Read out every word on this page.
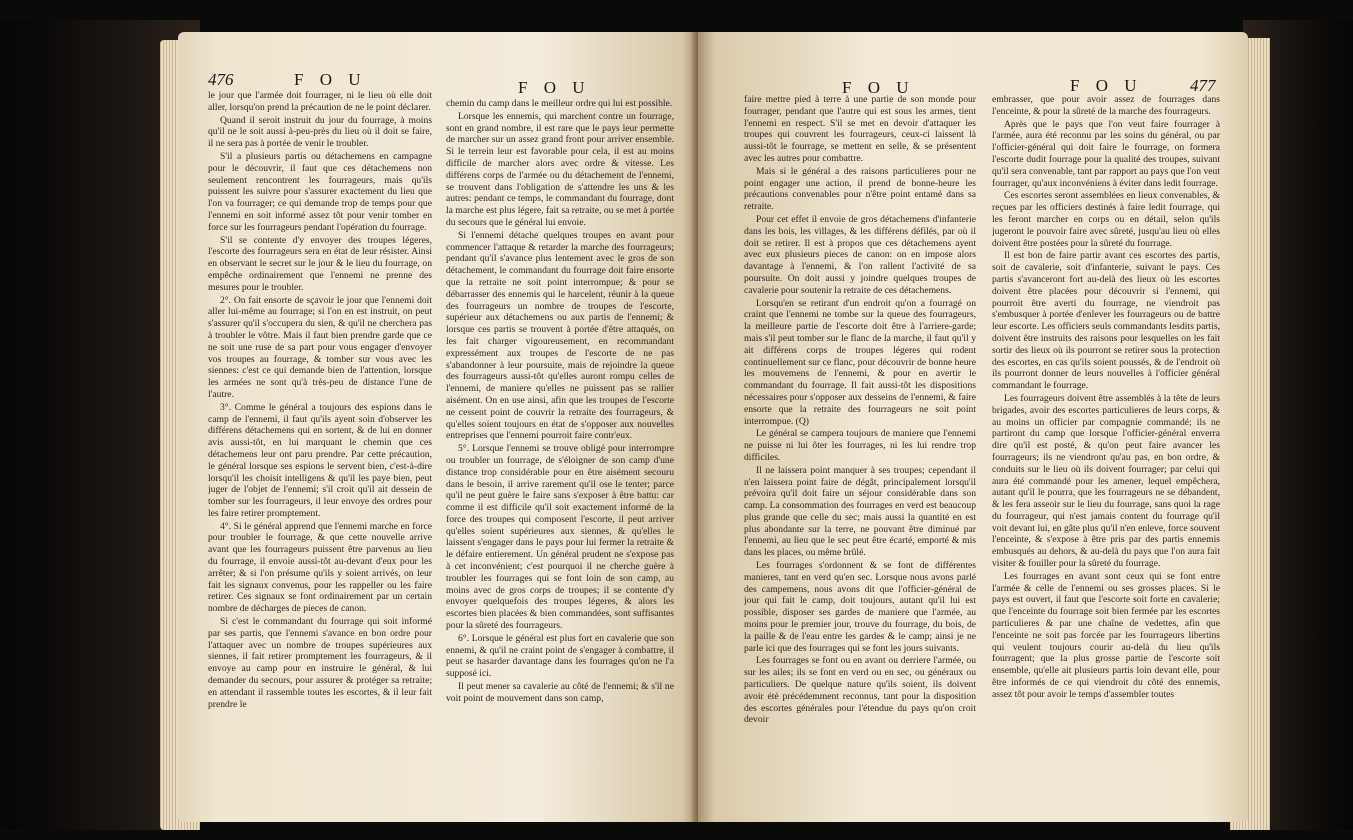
476	F O U	F O U

le jour que l'armée doit fourrager, ni le lieu où elle doit aller, lorsqu'on prend la précaution de ne le point déclarer.

Quand il seroit instruit du jour du fourrage, à moins qu'il ne le soit aussi à-peu-près du lieu où il doit se faire, il ne sera pas à portée de venir le troubler.

S'il a plusieurs partis ou détachemens en campagne pour le découvrir, il faut que ces détachemens non seulement rencontrent les fourrageurs, mais qu'ils puissent les suivre pour s'assurer exactement du lieu que l'on va fourrager; ce qui demande trop de temps pour que l'ennemi en soit informé assez tôt pour venir tomber en force sur les fourrageurs pendant l'opération du fourrage.

S'il se contente d'y envoyer des troupes légeres, l'escorte des fourrageurs sera en état de leur résister. Ainsi en observant le secret sur le jour & le lieu du fourrage, on empêche ordinairement que l'ennemi ne prenne des mesures pour le troubler.

2°. On fait ensorte de sçavoir le jour que l'ennemi doit aller lui-même au fourrage; si l'on en est instruit, on peut s'assurer qu'il s'occupera du sien, & qu'il ne cherchera pas à troubler le vôtre. Mais il faut bien prendre garde que ce ne soit une ruse de sa part pour vous engager d'envoyer vos troupes au fourrage, & tomber sur vous avec les siennes: c'est ce qui demande bien de l'attention, lorsque les armées ne sont qu'à très-peu de distance l'une de l'autre.

3°. Comme le général a toujours des espions dans le camp de l'ennemi, il faut qu'ils ayent soin d'observer les différens détachemens qui en sortent, & de lui en donner avis aussi-tôt, en lui marquant le chemin que ces détachemens leur ont paru prendre. Par cette précaution, le général lorsque ses espions le servent bien, c'est-à-dire lorsqu'il les choisit intelligens & qu'il les paye bien, peut juger de l'objet de l'ennemi; s'il croit qu'il ait dessein de tomber sur les fourrageurs, il leur envoye des ordres pour les faire retirer promptement.

4°. Si le général apprend que l'ennemi marche en force pour troubler le fourrage, & que cette nouvelle arrive avant que les fourrageurs puissent être parvenus au lieu du fourrage, il envoie aussi-tôt au-devant d'eux pour les arrêter; & si l'on présume qu'ils y soient arrivés, on leur fait les signaux convenus, pour les rappeller ou les faire retirer. Ces signaux se font ordinairement par un certain nombre de décharges de pieces de canon.

Si c'est le commandant du fourrage qui soit informé par ses partis, que l'ennemi s'avance en bon ordre pour l'attaquer avec un nombre de troupes supérieures aux siennes, il fait retirer promptement les fourrageurs, & il envoye au camp pour en instruire le général, & lui demander du secours, pour assurer & protéger sa retraite; en attendant il rassemble toutes les escortes, & il leur fait prendre le

chemin du camp dans le meilleur ordre qui lui est possible.

Lorsque les ennemis, qui marchent contre un fourrage, sont en grand nombre, il est rare que le pays leur permette de marcher sur un assez grand front pour arriver ensemble. Si le terrein leur est favorable pour cela, il est au moins difficile de marcher alors avec ordre & vitesse. Les différens corps de l'armée ou du détachement de l'ennemi, se trouvent dans l'obligation de s'attendre les uns & les autres: pendant ce temps, le commandant du fourrage, dont la marche est plus légere, fait sa retraite, ou se met à portée du secours que le général lui envoie.

Si l'ennemi détache quelques troupes en avant pour commencer l'attaque & retarder la marche des fourrageurs; pendant qu'il s'avance plus lentement avec le gros de son détachement, le commandant du fourrage doit faire ensorte que la retraite ne soit point interrompue; & pour se débarrasser des ennemis qui le harcelent, réunir à la queue des fourrageurs un nombre de troupes de l'escorte, supérieur aux détachemens ou aux partis de l'ennemi; & lorsque ces partis se trouvent à portée d'être attaqués, on les fait charger vigoureusement, en recommandant expressément aux troupes de l'escorte de ne pas s'abandonner à leur poursuite, mais de rejoindre la queue des fourrageurs aussi-tôt qu'elles auront rompu celles de l'ennemi, de maniere qu'elles ne puissent pas se rallier aisément. On en use ainsi, afin que les troupes de l'escorte ne cessent point de couvrir la retraite des fourrageurs, & qu'elles soient toujours en état de s'opposer aux nouvelles entreprises que l'ennemi pourroit faire contr'eux.

5°. Lorsque l'ennemi se trouve obligé pour interrompre ou troubler un fourrage, de s'éloigner de son camp d'une distance trop considérable pour en être aisément secouru dans le besoin, il arrive rarement qu'il ose le tenter; parce qu'il ne peut guère le faire sans s'exposer à être battu: car comme il est difficile qu'il soit exactement informé de la force des troupes qui composent l'escorte, il peut arriver qu'elles soient supérieures aux siennes, & qu'elles le laissent s'engager dans le pays pour lui fermer la retraite & le défaire entierement. Un général prudent ne s'expose pas à cet inconvénient; c'est pourquoi il ne cherche guère à troubler les fourrages qui se font loin de son camp, au moins avec de gros corps de troupes; il se contente d'y envoyer quelquefois des troupes légeres, & alors les escortes bien placées & bien commandées, sont suffisantes pour la sûreté des fourrageurs.

6°. Lorsque le général est plus fort en cavalerie que son ennemi, & qu'il ne craint point de s'engager à combattre, il peut se hasarder davantage dans les fourrages qu'on ne l'a supposé ici.

Il peut mener sa cavalerie au côté de l'ennemi; & s'il ne voit point de mouvement dans son camp,

F O U	F O U	477

faire mettre pied à terre à une partie de son monde pour fourrager, pendant que l'autre qui est sous les armes, tient l'ennemi en respect. S'il se met en devoir d'attaquer les troupes qui couvrent les fourrageurs, ceux-ci laissent là aussi-tôt le fourrage, se mettent en selle, & se présentent avec les autres pour combattre.

Mais si le général a des raisons particulieres pour ne point engager une action, il prend de bonne-heure les précautions convenables pour n'être point entamé dans sa retraite.

Pour cet effet il envoie de gros détachemens d'infanterie dans les bois, les villages, & les différens défilés, par où il doit se retirer. Il est à propos que ces détachemens ayent avec eux plusieurs pieces de canon: on en impose alors davantage à l'ennemi, & l'on rallent l'activité de sa poursuite. On doit aussi y joindre quelques troupes de cavalerie pour soutenir la retraite de ces détachemens.

Lorsqu'en se retirant d'un endroit qu'on a fourragé on craint que l'ennemi ne tombe sur la queue des fourrageurs, la meilleure partie de l'escorte doit être à l'arriere-garde; mais s'il peut tomber sur le flanc de la marche, il faut qu'il y ait différens corps de troupes légeres qui rodent continuellement sur ce flanc, pour découvrir de bonne heure les mouvemens de l'ennemi, & pour en avertir le commandant du fourrage. Il fait aussi-tôt les dispositions nécessaires pour s'opposer aux desseins de l'ennemi, & faire ensorte que la retraite des fourrageurs ne soit point interrompue. (Q)

Le général se campera toujours de maniere que l'ennemi ne puisse ni lui ôter les fourrages, ni les lui rendre trop difficiles.

Il ne laissera point manquer à ses troupes; cependant il n'en laissera point faire de dégât, principalement lorsqu'il prévoira qu'il doit faire un séjour considérable dans son camp. La consommation des fourrages en verd est beaucoup plus grande que celle du sec; mais aussi la quantité en est plus abondante sur la terre, ne pouvant être diminué par l'ennemi, au lieu que le sec peut être écarté, emporté & mis dans les places, ou même brûlé.

Les fourrages s'ordonnent & se font de différentes manieres, tant en verd qu'en sec. Lorsque nous avons parlé des campemens, nous avons dit que l'officier-général de jour qui fait le camp, doit toujours, autant qu'il lui est possible, disposer ses gardes de maniere que l'armée, au moins pour le premier jour, trouve du fourrage, du bois, de la paille & de l'eau entre les gardes & le camp; ainsi je ne parle ici que des fourrages qui se font les jours suivants.

Les fourrages se font ou en avant ou derriere l'armée, ou sur les ailes; ils se font en verd ou en sec, ou généraux ou particuliers. De quelque nature qu'ils soient, ils doivent avoir été précédemment reconnus, tant pour la disposition des escortes générales pour l'étendue du pays qu'on croit devoir

embrasser, que pour avoir assez de fourrages dans l'enceinte, & pour la sûreté de la marche des fourrageurs.

Après que le pays que l'on veut faire fourrager à l'armée, aura été reconnu par les soins du général, ou par l'officier-général qui doit faire le fourrage, on formera l'escorte dudit fourrage pour la qualité des troupes, suivant qu'il sera convenable, tant par rapport au pays que l'on veut fourrager, qu'aux inconvéniens à éviter dans ledit fourrage.

Ces escortes seront assemblées en lieux convenables, & reçues par les officiers destinés à faire ledit fourrage, qui les feront marcher en corps ou en détail, selon qu'ils jugeront le pouvoir faire avec sûreté, jusqu'au lieu où elles doivent être postées pour la sûreté du fourrage.

Il est bon de faire partir avant ces escortes des partis, soit de cavalerie, soit d'infanterie, suivant le pays. Ces partis s'avanceront fort au-delà des lieux où les escortes doivent être placées pour découvrir si l'ennemi, qui pourroit être averti du fourrage, ne viendroit pas s'embusquer à portée d'enlever les fourrageurs ou de battre leur escorte. Les officiers seuls commandants lesdits partis, doivent être instruits des raisons pour lesquelles on les fait sortir des lieux où ils pourront se retirer sous la protection des escortes, en cas qu'ils soient poussés, & de l'endroit où ils pourront donner de leurs nouvelles à l'officier général commandant le fourrage.

Les fourrageurs doivent être assemblés à la tête de leurs brigades, avoir des escortes particulieres de leurs corps, & au moins un officier par compagnie commandé; ils ne partiront du camp que lorsque l'officier-général enverra dire qu'il est posté, & qu'on peut faire avancer les fourrageurs; ils ne viendront qu'au pas, en bon ordre, & conduits sur le lieu où ils doivent fourrager; par celui qui aura été commandé pour les amener, lequel empêchera, autant qu'il le pourra, que les fourrageurs ne se débandent, & les fera asseoir sur le lieu du fourrage, sans quoi la rage du fourrageur, qui n'est jamais content du fourrage qu'il voit devant lui, en gâte plus qu'il n'en enleve, force souvent l'enceinte, & s'expose à être pris par des partis ennemis embusqués au dehors, & au-delà du pays que l'on aura fait visiter & fouiller pour la sûreté du fourrage.

Les fourrages en avant sont ceux qui se font entre l'armée & celle de l'ennemi ou ses grosses places. Si le pays est ouvert, il faut que l'escorte soit forte en cavalerie; que l'enceinte du fourrage soit bien fermée par les escortes particulieres & par une chaîne de vedettes, afin que l'enceinte ne soit pas forcée par les fourrageurs libertins qui veulent toujours courir au-delà du lieu qu'ils fourragent; que la plus grosse partie de l'escorte soit ensemble, qu'elle ait plusieurs partis loin devant elle, pour être informés de ce qui viendroit du côté des ennemis, assez tôt pour avoir le temps d'assembler toutes
